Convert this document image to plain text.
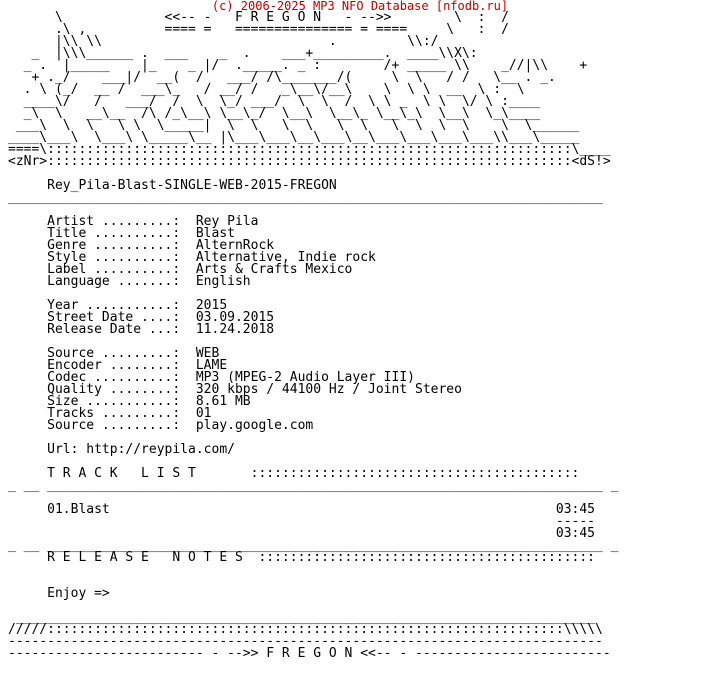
(c) 2006-2025 MP3 NFO Database [nfodb.ru]
\             <<-- -   F R E G O N   - -->>        \  :  /
.\ ,          ==== =   =============== = ====     \   :  /
|\\ \\                             .         \\:/
_  |\\\______ .  ___    _  .    ___+_________.  ____\\X\:
_ .  |_____    |_    _ |/  ._____. _ :        /+ _____ \\    _//|\\    +
+ ._/    ___|/  __(  /   ___/ /\_______/(     \  \   / /   \__ . _.
. \ (_/  __ /  ___\_   / __/ /   _\__\/__\    \  \ \  __  \ :  \
____\/   /   ___/  /  \  \_/ ___/  \  \  /  \ \ _  \ \  \/ \ :____
_\  \   __\__  /\ /_\__\ \__\_/  \__\  \__\_ \__\_\  \__\  \_\____
___\  \  \   \ \  \_____|  \  \   \  \   \  \   \  \  \  \    \  \______
____\___\  \___\ \_____\__ |\___\___\__\___\__\___\___\___\___\\___\_____
====\:::::::::::::::::::::::::::::::::::::::::::::::::::::::::::::::::::\____
<zNr>:::::::::::::::::::::::::::::::::::::::::::::::::::::::::::::::::::<dS!>

Rey_Pila-Blast-SINGLE-WEB-2015-FREGON
____________________________________________________________________________

Artist .........:  Rey Pila
Title ..........:  Blast
Genre ..........:  AlternRock
Style ..........:  Alternative, Indie rock
Label ..........:  Arts & Crafts Mexico
Language .......:  English

Year ...........:  2015
Street Date ....:  03.09.2015
Release Date ...:  11.24.2018

Source .........:  WEB
Encoder ........:  LAME
Codec ..........:  MP3 (MPEG-2 Audio Layer III)
Quality ........:  320 kbps / 44100 Hz / Joint Stereo
Size ...........:  8.61 MB
Tracks .........:  01
Source .........:  play.google.com

Url: http://reypila.com/

T R A C K   L I S T       ::::::::::::::::::::::::::::::::::::::::::
_ __ _______________________________________________________________________ _

01.Blast                                                         03:45
-----
03:45
_ __ _______________________________________________________________________ _
R E L E A S E   N O T E S  :::::::::::::::::::::::::::::::::::::::::::

Enjoy =>

__________________________________________________________________________
/////::::::::::::::::::::::::::::::::::::::::::::::::::::::::::::::::::\\\\\
----------------------------------------------------------------------------
------------------------- - -->> F R E G O N <<-- - -------------------------
